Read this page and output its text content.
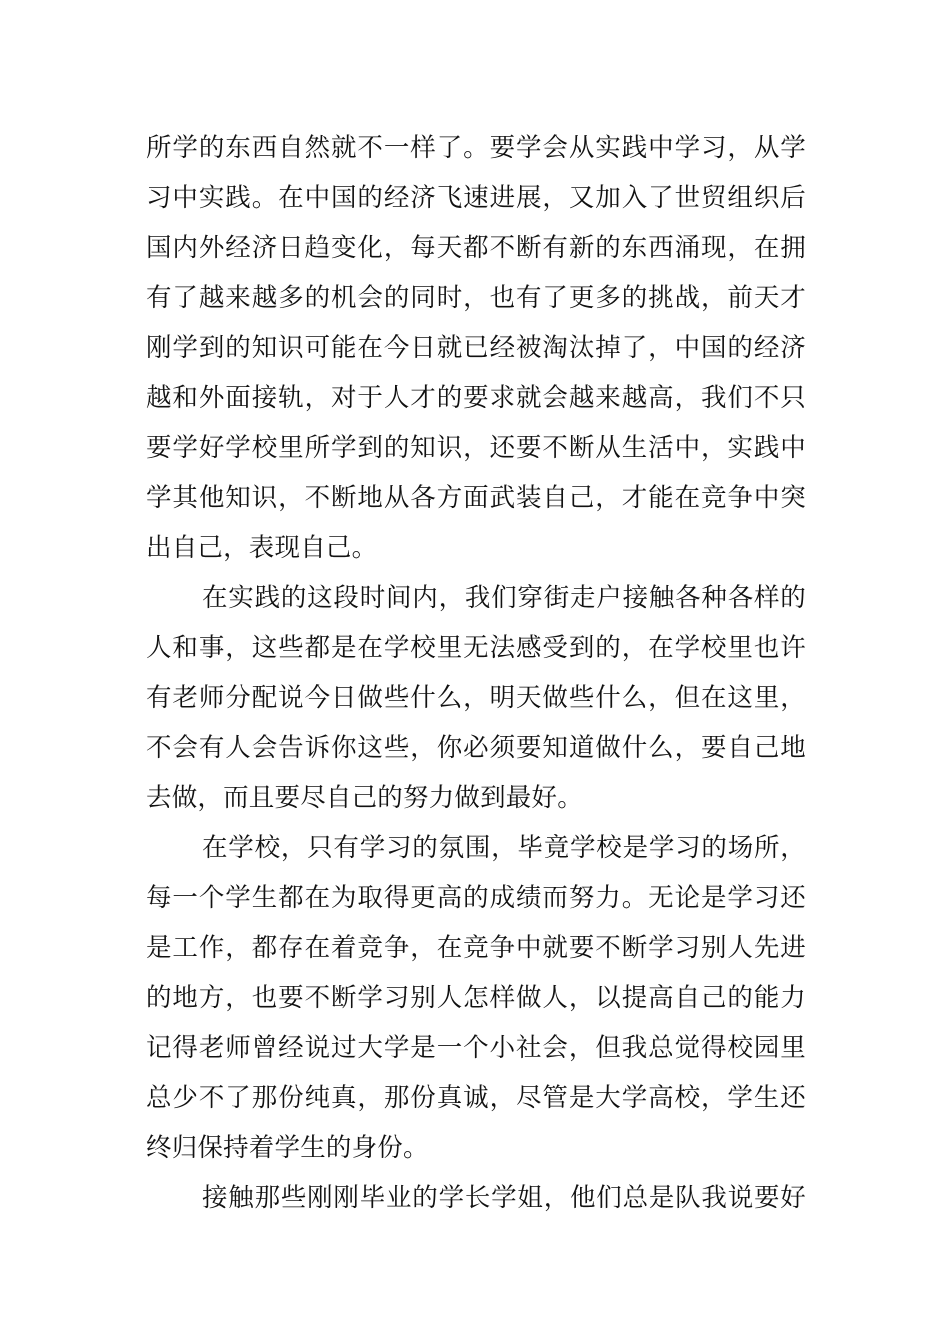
所学的东西自然就不一样了。要学会从实践中学习，从学
习中实践。在中国的经济飞速进展，又加入了世贸组织后
国内外经济日趋变化，每天都不断有新的东西涌现，在拥
有了越来越多的机会的同时，也有了更多的挑战，前天才
刚学到的知识可能在今日就已经被淘汰掉了，中国的经济
越和外面接轨，对于人才的要求就会越来越高，我们不只
要学好学校里所学到的知识，还要不断从生活中，实践中
学其他知识，不断地从各方面武装自己，才能在竞争中突
出自己，表现自己。
在实践的这段时间内，我们穿街走户接触各种各样的
人和事，这些都是在学校里无法感受到的，在学校里也许
有老师分配说今日做些什么，明天做些什么，但在这里，
不会有人会告诉你这些，你必须要知道做什么，要自己地
去做，而且要尽自己的努力做到最好。
在学校，只有学习的氛围，毕竟学校是学习的场所，
每一个学生都在为取得更高的成绩而努力。无论是学习还
是工作，都存在着竞争，在竞争中就要不断学习别人先进
的地方，也要不断学习别人怎样做人，以提高自己的能力
记得老师曾经说过大学是一个小社会，但我总觉得校园里
总少不了那份纯真，那份真诚，尽管是大学高校，学生还
终归保持着学生的身份。
接触那些刚刚毕业的学长学姐，他们总是队我说要好
